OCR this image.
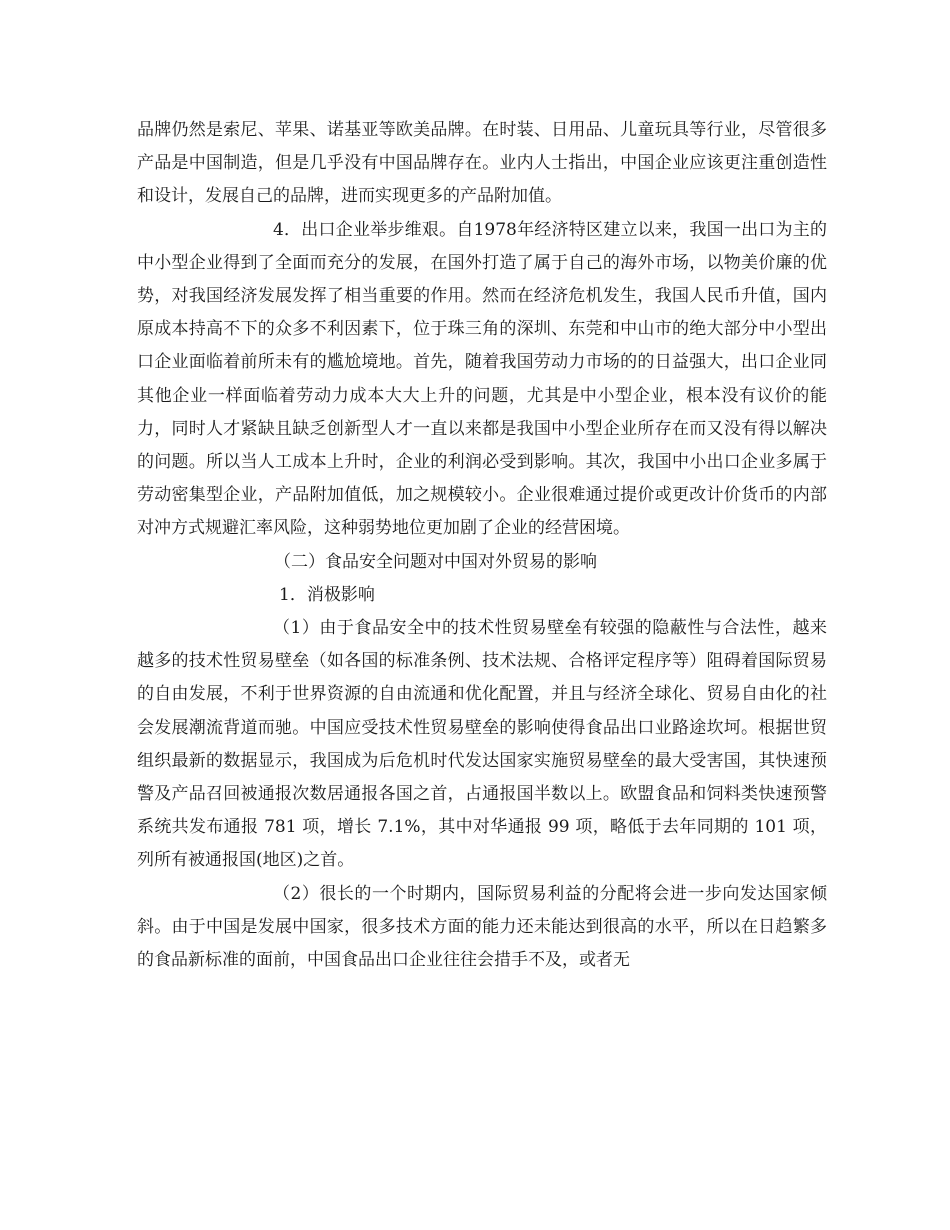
品牌仍然是索尼、苹果、诺基亚等欧美品牌。在时装、日用品、儿童玩具等行业，尽管很多产品是中国制造，但是几乎没有中国品牌存在。业内人士指出，中国企业应该更注重创造性和设计，发展自己的品牌，进而实现更多的产品附加值。

4．出口企业举步维艰。自1978年经济特区建立以来，我国一出口为主的中小型企业得到了全面而充分的发展，在国外打造了属于自己的海外市场，以物美价廉的优势，对我国经济发展发挥了相当重要的作用。然而在经济危机发生，我国人民币升值，国内原成本持高不下的众多不利因素下，位于珠三角的深圳、东莞和中山市的绝大部分中小型出口企业面临着前所未有的尴尬境地。首先，随着我国劳动力市场的的日益强大，出口企业同其他企业一样面临着劳动力成本大大上升的问题，尤其是中小型企业，根本没有议价的能力，同时人才紧缺且缺乏创新型人才一直以来都是我国中小型企业所存在而又没有得以解决的问题。所以当人工成本上升时，企业的利润必受到影响。其次，我国中小出口企业多属于劳动密集型企业，产品附加值低，加之规模较小。企业很难通过提价或更改计价货币的内部对冲方式规避汇率风险，这种弱势地位更加剧了企业的经营困境。

（二）食品安全问题对中国对外贸易的影响

1．消极影响

（1）由于食品安全中的技术性贸易壁垒有较强的隐蔽性与合法性，越来越多的技术性贸易壁垒（如各国的标准条例、技术法规、合格评定程序等）阻碍着国际贸易的自由发展，不利于世界资源的自由流通和优化配置，并且与经济全球化、贸易自由化的社会发展潮流背道而驰。中国应受技术性贸易壁垒的影响使得食品出口业路途坎坷。根据世贸组织最新的数据显示，我国成为后危机时代发达国家实施贸易壁垒的最大受害国，其快速预警及产品召回被通报次数居通报各国之首，占通报国半数以上。欧盟食品和饲料类快速预警系统共发布通报 781 项，增长 7.1%，其中对华通报 99 项，略低于去年同期的 101 项，列所有被通报国(地区)之首。

（2）很长的一个时期内，国际贸易利益的分配将会进一步向发达国家倾斜。由于中国是发展中国家，很多技术方面的能力还未能达到很高的水平，所以在日趋繁多的食品新标准的面前，中国食品出口企业往往会措手不及，或者无
